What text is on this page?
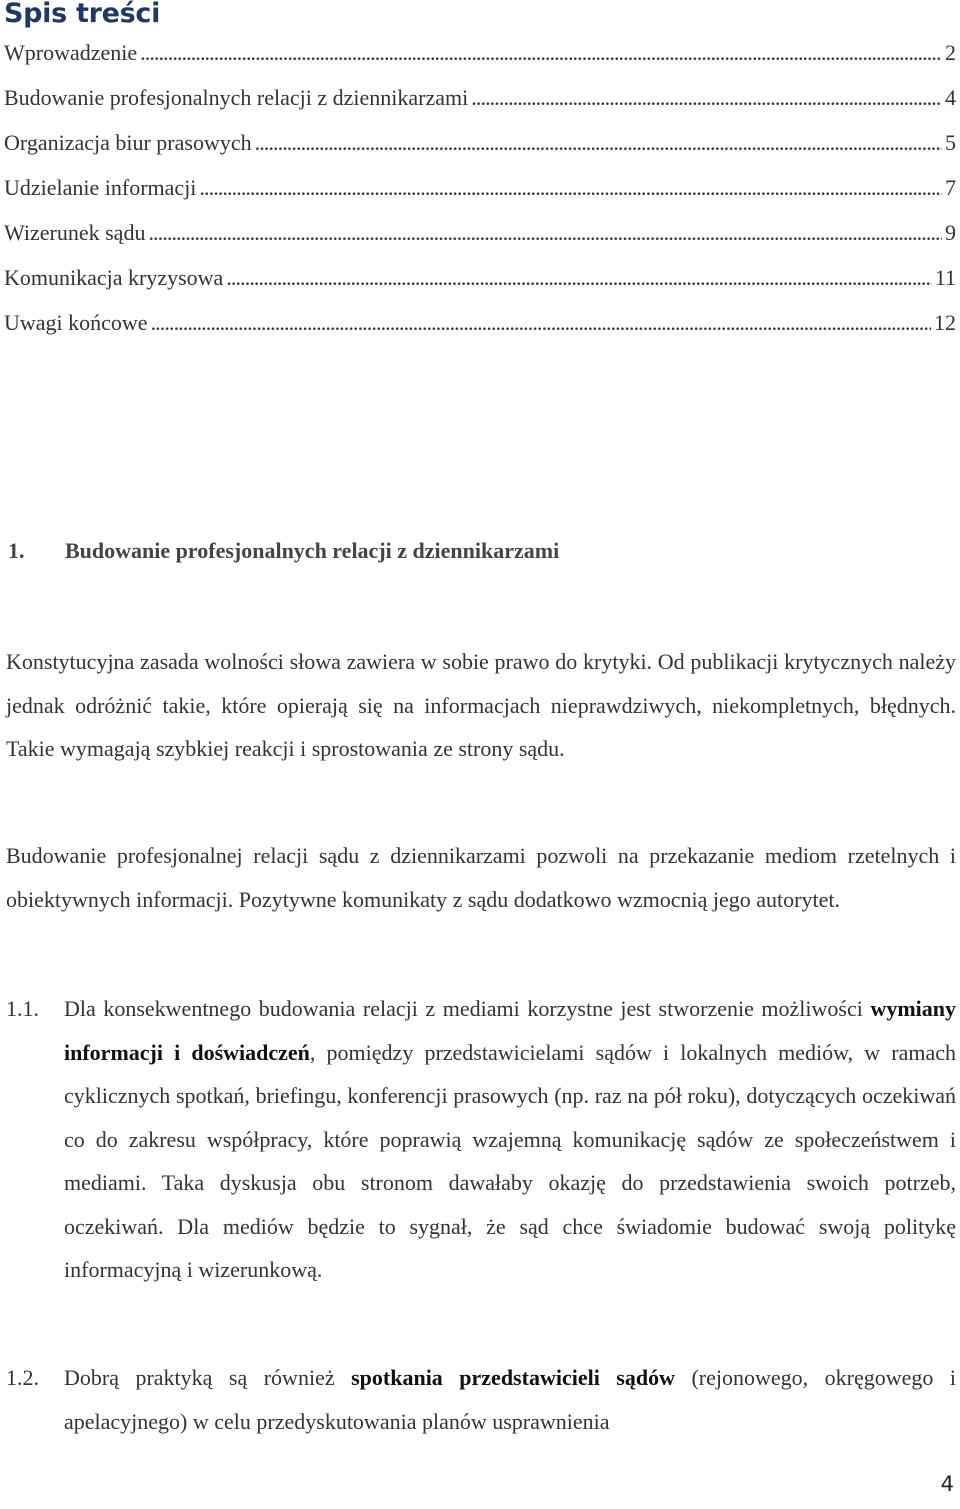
Spis treści
Wprowadzenie . . .	2
Budowanie profesjonalnych relacji z dziennikarzami . . .	4
Organizacja biur prasowych . . .	5
Udzielanie informacji . . .	7
Wizerunek sądu . . .	9
Komunikacja kryzysowa . . .	11
Uwagi końcowe . . .	12
1. Budowanie profesjonalnych relacji z dziennikarzami

Konstytucyjna zasada wolności słowa zawiera w sobie prawo do krytyki. Od publikacji krytycznych należy jednak odróżnić takie, które opierają się na informacjach nieprawdziwych, niekompletnych, błędnych. Takie wymagają szybkiej reakcji i sprostowania ze strony sądu.

Budowanie profesjonalnej relacji sądu z dziennikarzami pozwoli na przekazanie mediom rzetelnych i obiektywnych informacji. Pozytywne komunikaty z sądu dodatkowo wzmocnią jego autorytet.

1.1.	Dla konsekwentnego budowania relacji z mediami korzystne jest stworzenie możliwości wymiany informacji i doświadczeń, pomiędzy przedstawicielami sądów i lokalnych mediów, w ramach cyklicznych spotkań, briefingu, konferencji prasowych (np. raz na pół roku), dotyczących oczekiwań co do zakresu współpracy, które poprawią wzajemną komunikację sądów ze społeczeństwem i mediami. Taka dyskusja obu stronom dawałaby okazję do przedstawienia swoich potrzeb, oczekiwań. Dla mediów będzie to sygnał, że sąd chce świadomie budować swoją politykę informacyjną i wizerunkową.
1.2.	Dobrą praktyką są również spotkania przedstawicieli sądów (rejonowego, okręgowego i apelacyjnego) w celu przedyskutowania planów usprawnienia
4
